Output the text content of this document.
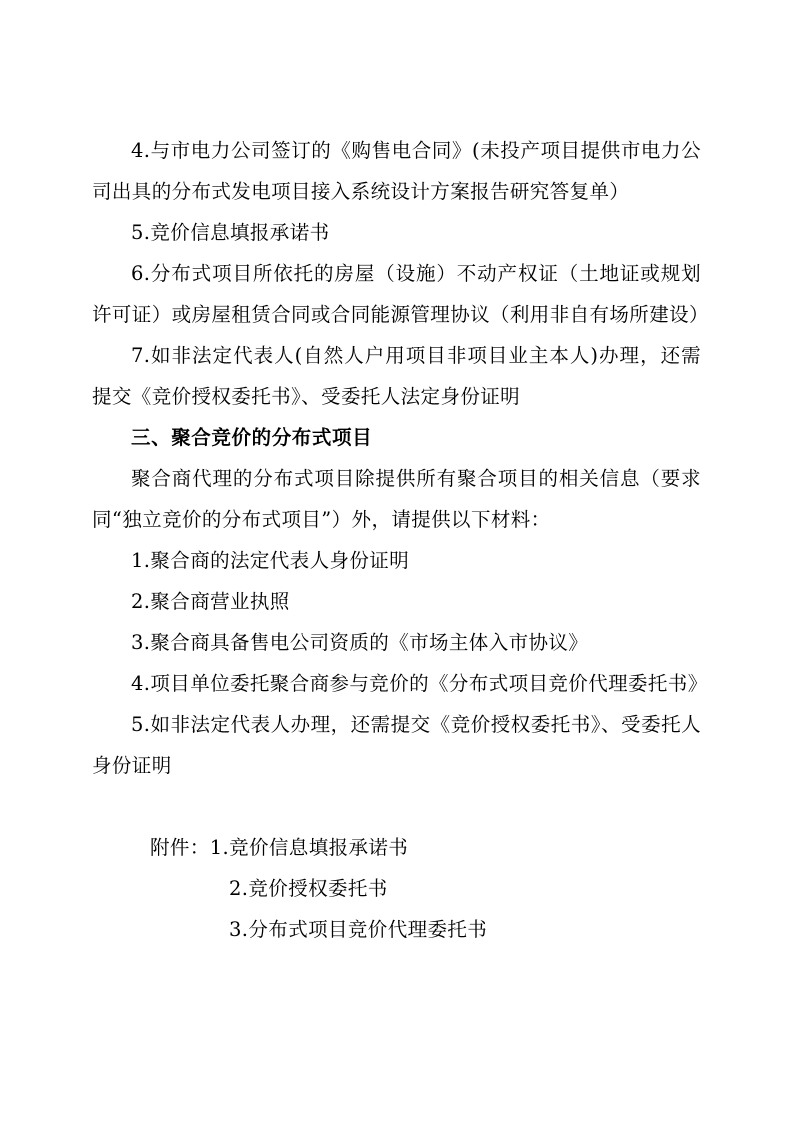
4.与市电力公司签订的《购售电合同》(未投产项目提供市电力公司出具的分布式发电项目接入系统设计方案报告研究答复单）

5.竞价信息填报承诺书

6.分布式项目所依托的房屋（设施）不动产权证（土地证或规划许可证）或房屋租赁合同或合同能源管理协议（利用非自有场所建设）

7.如非法定代表人(自然人户用项目非项目业主本人)办理，还需提交《竞价授权委托书》、受委托人法定身份证明

三、聚合竞价的分布式项目

聚合商代理的分布式项目除提供所有聚合项目的相关信息（要求同“独立竞价的分布式项目”）外，请提供以下材料：

1.聚合商的法定代表人身份证明

2.聚合商营业执照

3.聚合商具备售电公司资质的《市场主体入市协议》

4.项目单位委托聚合商参与竞价的《分布式项目竞价代理委托书》

5.如非法定代表人办理，还需提交《竞价授权委托书》、受委托人身份证明

附件：1.竞价信息填报承诺书

2.竞价授权委托书

3.分布式项目竞价代理委托书
